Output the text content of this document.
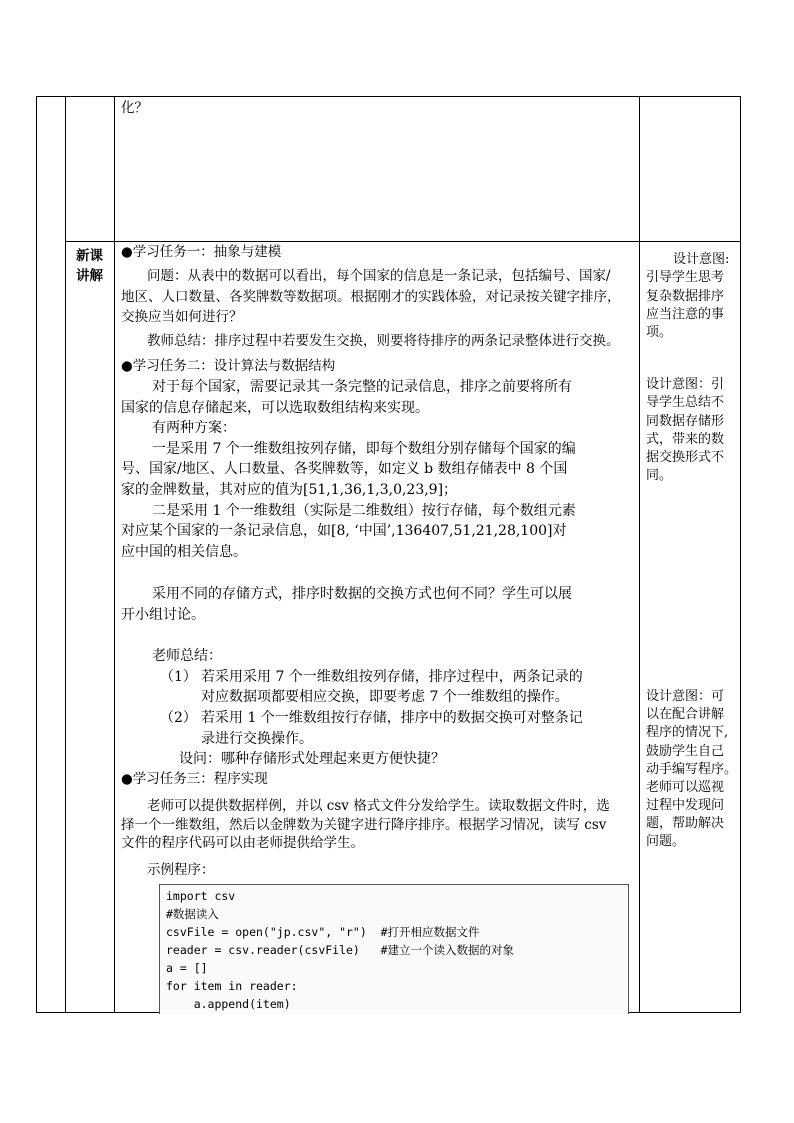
化？
新课
讲解
●学习任务一：抽象与建模
问题：从表中的数据可以看出，每个国家的信息是一条记录，包括编号、国家/
地区、人口数量、各奖牌数等数据项。根据刚才的实践体验，对记录按关键字排序，
交换应当如何进行？
教师总结：排序过程中若要发生交换，则要将待排序的两条记录整体进行交换。
●学习任务二：设计算法与数据结构
对于每个国家，需要记录其一条完整的记录信息，排序之前要将所有
国家的信息存储起来，可以选取数组结构来实现。
有两种方案：
一是采用 7 个一维数组按列存储，即每个数组分别存储每个国家的编
号、国家/地区、人口数量、各奖牌数等，如定义 b 数组存储表中 8 个国
家的金牌数量，其对应的值为[51,1,36,1,3,0,23,9]；
二是采用 1 个一维数组（实际是二维数组）按行存储，每个数组元素
对应某个国家的一条记录信息，如[8, ‘中国’,136407,51,21,28,100]对
应中国的相关信息。
采用不同的存储方式，排序时数据的交换方式也何不同？学生可以展
开小组讨论。
老师总结：
（1） 若采用采用 7 个一维数组按列存储，排序过程中，两条记录的
对应数据项都要相应交换，即要考虑 7 个一维数组的操作。
（2） 若采用 1 个一维数组按行存储，排序中的数据交换可对整条记
录进行交换操作。
设问：哪种存储形式处理起来更方便快捷？
●学习任务三：程序实现
老师可以提供数据样例，并以 csv 格式文件分发给学生。读取数据文件时，选
择一个一维数组，然后以金牌数为关键字进行降序排序。根据学习情况，读写 csv
文件的程序代码可以由老师提供给学生。
示例程序：
import csv
#数据读入
csvFile = open("jp.csv", "r")  #打开相应数据文件
reader = csv.reader(csvFile)   #建立一个读入数据的对象
a = []
for item in reader:
a.append(item)
设计意图:
引导学生思考
复杂数据排序
应当注意的事
项。
设计意图：引
导学生总结不
同数据存储形
式，带来的数
据交换形式不
同。
设计意图：可
以在配合讲解
程序的情况下,
鼓励学生自己
动手编写程序。
老师可以巡视
过程中发现问
题，帮助解决
问题。
